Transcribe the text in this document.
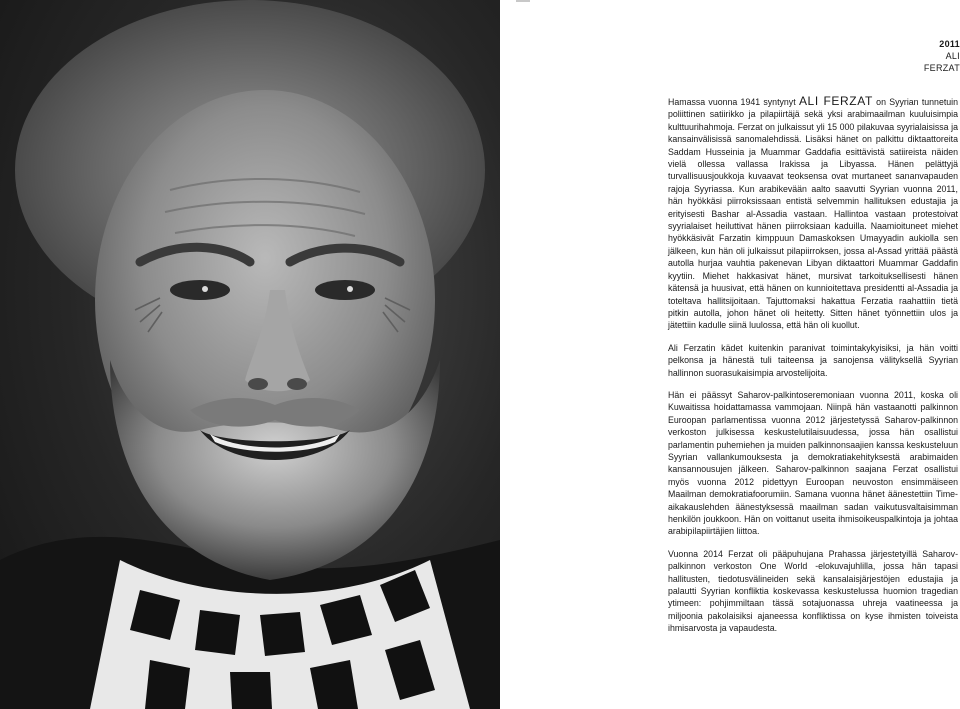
2011
ALI
FERZAT

Hamassa vuonna 1941 syntynyt ALI FERZAT on Syyrian tunnetuin poliittinen satiirikko ja pilapiirtäjä sekä yksi arabimaailman kuuluisimpia kulttuurihahmoja. Ferzat on julkaissut yli 15 000 pilakuvaa syyrialaisissa ja kansainvälisissä sanomalehdissä. Lisäksi hänet on palkittu diktaattoreita Saddam Husseinia ja Muammar Gaddafia esittävistä satiireista näiden vielä ollessa vallassa Irakissa ja Libyassa. Hänen pelättyjä turvallisuusjoukkoja kuvaavat teoksensa ovat murtaneet sananvapauden rajoja Syyriassa. Kun arabikevään aalto saavutti Syyrian vuonna 2011, hän hyökkäsi piirroksissaan entistä selvemmin hallituksen edustajia ja erityisesti Bashar al-Assadia vastaan. Hallintoa vastaan protestoivat syyrialaiset heiluttivat hänen piirroksiaan kaduilla. Naamioituneet miehet hyökkäsivät Farzatin kimppuun Damaskoksen Umayyadin aukiolla sen jälkeen, kun hän oli julkaissut pilapiirroksen, jossa al-Assad yrittää päästä autolla hurjaa vauhtia pakenevan Libyan diktaattori Muammar Gaddafin kyytiin. Miehet hakkasivat hänet, mursivat tarkoituksellisesti hänen kätensä ja huusivat, että hänen on kunnioitettava presidentti al-Assadia ja toteltava hallitsijoitaan. Tajuttomaksi hakattua Ferzatia raahattiin tietä pitkin autolla, johon hänet oli heitetty. Sitten hänet työnnettiin ulos ja jätettiin kadulle siinä luulossa, että hän oli kuollut.

Ali Ferzatin kädet kuitenkin paranivat toimintakykyisiksi, ja hän voitti pelkonsa ja hänestä tuli taiteensa ja sanojensa välityksellä Syyrian hallinnon suorasukaisimpia arvostelijoita.

Hän ei päässyt Saharov-palkintoseremoniaan vuonna 2011, koska oli Kuwaitissa hoidattamassa vammojaan. Niinpä hän vastaanotti palkinnon Euroopan parlamentissa vuonna 2012 järjestetyssä Saharov-palkinnon verkoston julkisessa keskustelutilaisuudessa, jossa hän osallistui parlamentin puhemiehen ja muiden palkinnonsaajien kanssa keskusteluun Syyrian vallankumouksesta ja demokratiakehityksestä arabimaiden kansannousujen jälkeen. Saharov-palkinnon saajana Ferzat osallistui myös vuonna 2012 pidettyyn Euroopan neuvoston ensimmäiseen Maailman demokratiafoorumiin. Samana vuonna hänet äänestettiin Time-aikakauslehden äänestyksessä maailman sadan vaikutusvaltaisimman henkilön joukkoon. Hän on voittanut useita ihmisoikeuspalkintoja ja johtaa arabipilapiirtäjien liittoa.

Vuonna 2014 Ferzat oli pääpuhujana Prahassa järjestetyillä Saharov-palkinnon verkoston One World -elokuvajuhlilla, jossa hän tapasi hallitusten, tiedotusvälineiden sekä kansalaisjärjestöjen edustajia ja palautti Syyrian konfliktia koskevassa keskustelussa huomion tragedian ytimeen: pohjimmiltaan tässä sotajuonassa uhreja vaatineessa ja miljoonia pakolaisiksi ajaneessa konfliktissa on kyse ihmisten toiveista ihmisarvosta ja vapaudesta.
